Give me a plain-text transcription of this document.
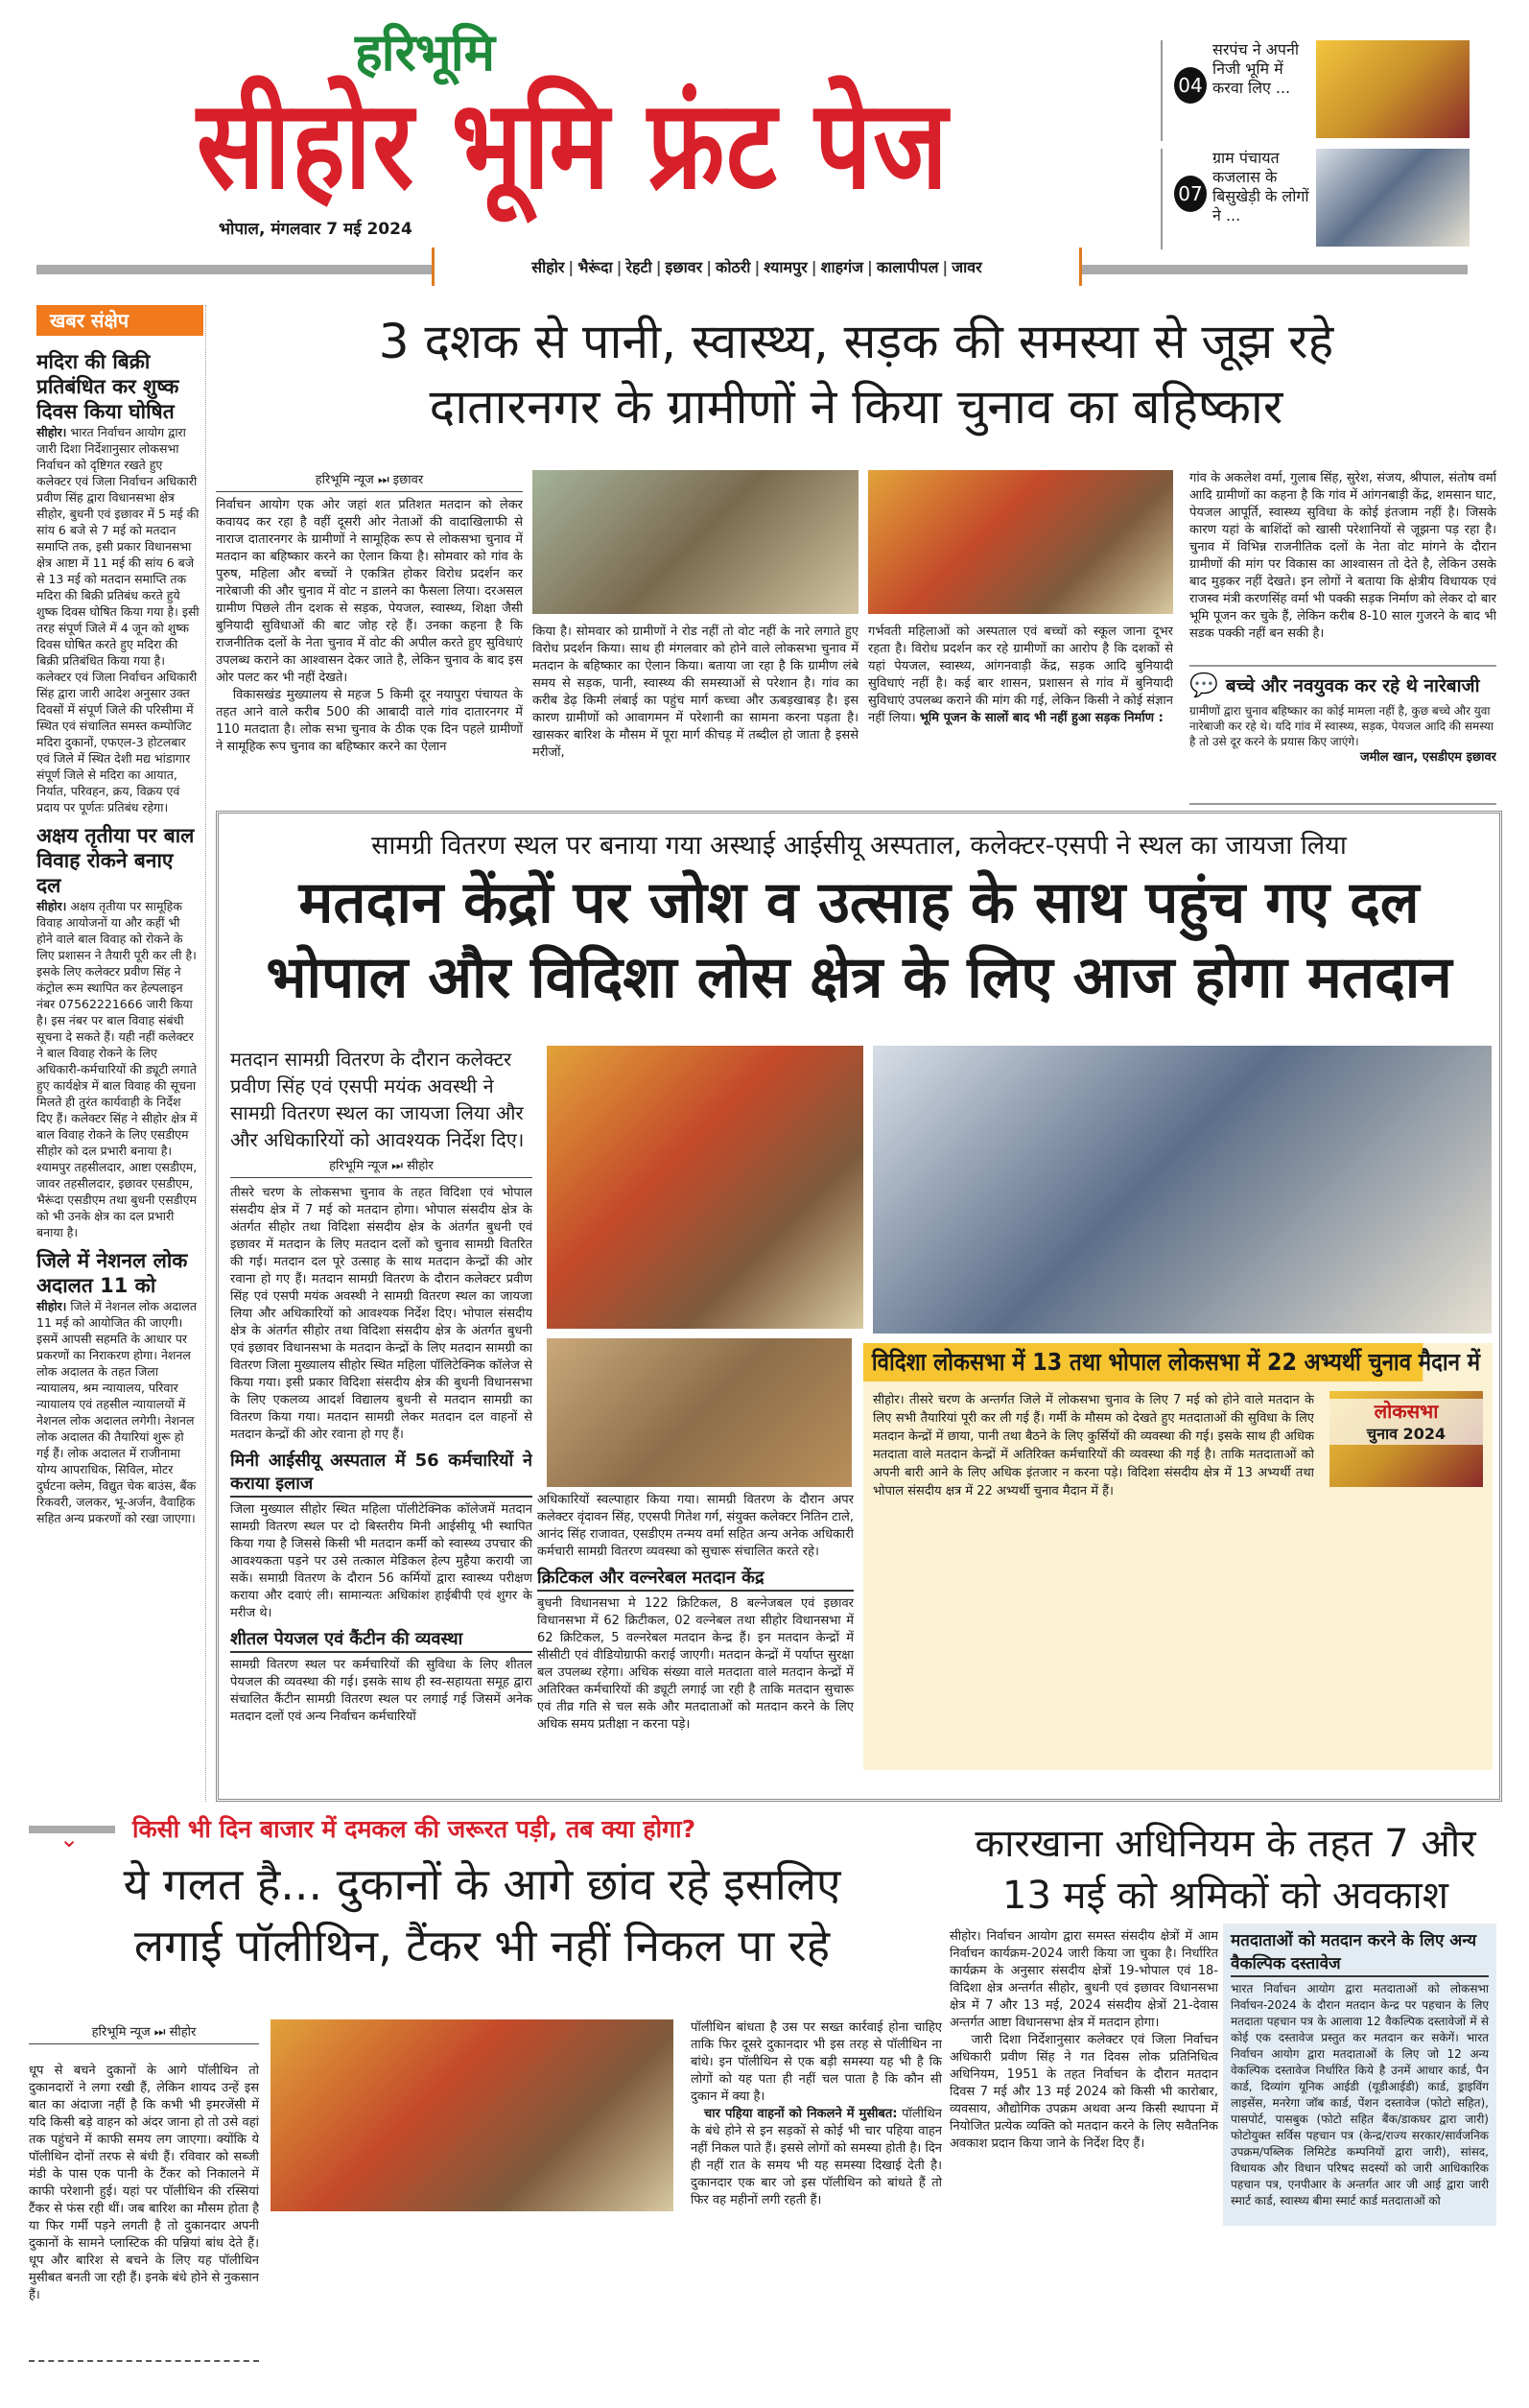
हरिभूमि
सीहोर भूमि फ्रंट पेज
भोपाल, मंगलवार 7 मई 2024
04
सरपंच ने अपनी निजी भूमि में करवा लिए ...
07
ग्राम पंचायत कजलास के बिसुखेड़ी के लोगों ने ...
सीहोर | भैरूंदा | रेहटी | इछावर | कोठरी | श्यामपुर | शाहगंज | कालापीपल | जावर
खबर संक्षेप
मदिरा की बिक्री प्रतिबंधित कर शुष्क दिवस किया घोषित
सीहोर। भारत निर्वाचन आयोग द्वारा जारी दिशा निर्देशानुसार लोकसभा निर्वाचन को दृष्टिगत रखते हुए कलेक्टर एवं जिला निर्वाचन अधिकारी प्रवीण सिंह द्वारा विधानसभा क्षेत्र सीहोर, बुधनी एवं इछावर में 5 मई की सांय 6 बजे से 7 मई को मतदान समाप्ति तक, इसी प्रकार विधानसभा क्षेत्र आष्टा में 11 मई की सांय 6 बजे से 13 मई को मतदान समाप्ति तक मदिरा की बिक्री प्रतिबंध करते हुये शुष्क दिवस घोषित किया गया है। इसी तरह संपूर्ण जिले में 4 जून को शुष्क दिवस घोषित करते हुए मदिरा की बिक्री प्रतिबंधित किया गया है। कलेक्टर एवं जिला निर्वाचन अधिकारी सिंह द्वारा जारी आदेश अनुसार उक्त दिवसों में संपूर्ण जिले की परिसीमा में स्थित एवं संचालित समस्त कम्पोजिट मदिरा दुकानों, एफएल-3 होटलबार एवं जिले में स्थित देशी मद्य भांडागार संपूर्ण जिले से मदिरा का आयात, निर्यात, परिवहन, क्रय, विक्रय एवं प्रदाय पर पूर्णतः प्रतिबंध रहेगा।
अक्षय तृतीया पर बाल विवाह रोकने बनाए दल
सीहोर। अक्षय तृतीया पर सामूहिक विवाह आयोजनों या और कहीं भी होने वाले बाल विवाह को रोकने के लिए प्रशासन ने तैयारी पूरी कर ली है। इसके लिए कलेक्टर प्रवीण सिंह ने कंट्रोल रूम स्थापित कर हेल्पलाइन नंबर 07562221666 जारी किया है। इस नंबर पर बाल विवाह संबंधी सूचना दे सकते हैं। यही नहीं कलेक्टर ने बाल विवाह रोकने के लिए अधिकारी-कर्मचारियों की ड्यूटी लगाते हुए कार्यक्षेत्र में बाल विवाह की सूचना मिलते ही तुरंत कार्यवाही के निर्देश दिए हैं। कलेक्टर सिंह ने सीहोर क्षेत्र में बाल विवाह रोकने के लिए एसडीएम सीहोर को दल प्रभारी बनाया है। श्यामपुर तहसीलदार, आष्टा एसडीएम, जावर तहसीलदार, इछावर एसडीएम, भैरूंदा एसडीएम तथा बुधनी एसडीएम को भी उनके क्षेत्र का दल प्रभारी बनाया है।
जिले में नेशनल लोक अदालत 11 को
सीहोर। जिले में नेशनल लोक अदालत 11 मई को आयोजित की जाएगी। इसमें आपसी सहमति के आधार पर प्रकरणों का निराकरण होगा। नेशनल लोक अदालत के तहत जिला न्यायालय, श्रम न्यायालय, परिवार न्यायालय एवं तहसील न्यायालयों में नेशनल लोक अदालत लगेगी। नेशनल लोक अदालत की तैयारियां शुरू हो गई हैं। लोक अदालत में राजीनामा योग्य आपराधिक, सिविल, मोटर दुर्घटना क्लेम, विद्युत चेक बाउंस, बैंक रिकवरी, जलकर, भू-अर्जन, वैवाहिक सहित अन्य प्रकरणों को रखा जाएगा।
3 दशक से पानी, स्वास्थ्य, सड़क की समस्या से जूझ रहे
दातारनगर के ग्रामीणों ने किया चुनाव का बहिष्कार
हरिभूमि न्यूज ⏭ इछावर
निर्वाचन आयोग एक ओर जहां शत प्रतिशत मतदान को लेकर कवायद कर रहा है वहीं दूसरी ओर नेताओं की वादाखिलाफी से नाराज दातारनगर के ग्रामीणों ने सामूहिक रूप से लोकसभा चुनाव में मतदान का बहिष्कार करने का ऐलान किया है। सोमवार को गांव के पुरुष, महिला और बच्चों ने एकत्रित होकर विरोध प्रदर्शन कर नारेबाजी की और चुनाव में वोट न डालने का फैसला लिया। दरअसल ग्रामीण पिछले तीन दशक से सड़क, पेयजल, स्वास्थ्य, शिक्षा जैसी बुनियादी सुविधाओं की बाट जोह रहे हैं। उनका कहना है कि राजनीतिक दलों के नेता चुनाव में वोट की अपील करते हुए सुविधाएं उपलब्ध कराने का आश्वासन देकर जाते है, लेकिन चुनाव के बाद इस ओर पलट कर भी नहीं देखते।
विकासखंड मुख्यालय से महज 5 किमी दूर नयापुरा पंचायत के तहत आने वाले करीब 500 की आबादी वाले गांव दातारनगर में 110 मतदाता है। लोक सभा चुनाव के ठीक एक दिन पहले ग्रामीणों ने सामूहिक रूप चुनाव का बहिष्कार करने का ऐलान
किया है। सोमवार को ग्रामीणों ने रोड नहीं तो वोट नहीं के नारे लगाते हुए विरोध प्रदर्शन किया। साथ ही मंगलवार को होने वाले लोकसभा चुनाव में मतदान के बहिष्कार का ऐलान किया। बताया जा रहा है कि ग्रामीण लंबे समय से सड़क, पानी, स्वास्थ्य की समस्याओं से परेशान है। गांव का करीब डेढ़ किमी लंबाई का पहुंच मार्ग कच्चा और ऊबड़खाबड़ है। इस कारण ग्रामीणों को आवागमन में परेशानी का सामना करना पड़ता है। खासकर बारिश के मौसम में पूरा मार्ग कीचड़ में तब्दील हो जाता है इससे मरीजों,
गर्भवती महिलाओं को अस्पताल एवं बच्चों को स्कूल जाना दूभर रहता है। विरोध प्रदर्शन कर रहे ग्रामीणों का आरोप है कि दशकों से यहां पेयजल, स्वास्थ्य, आंगनवाड़ी केंद्र, सड़क आदि बुनियादी सुविधाएं नहीं है। कई बार शासन, प्रशासन से गांव में बुनियादी सुविधाएं उपलब्ध कराने की मांग की गई, लेकिन किसी ने कोई संज्ञान नहीं लिया। भूमि पूजन के सालों बाद भी नहीं हुआ सड़क निर्माण :
गांव के अकलेश वर्मा, गुलाब सिंह, सुरेश, संजय, श्रीपाल, संतोष वर्मा आदि ग्रामीणों का कहना है कि गांव में आंगनबाड़ी केंद्र, शमसान घाट, पेयजल आपूर्ति, स्वास्थ्य सुविधा के कोई इंतजाम नहीं है। जिसके कारण यहां के बाशिंदों को खासी परेशानियों से जूझना पड़ रहा है। चुनाव में विभिन्न राजनीतिक दलों के नेता वोट मांगने के दौरान ग्रामीणों की मांग पर विकास का आश्वासन तो देते है, लेकिन उसके बाद मुड़कर नहीं देखते। इन लोगों ने बताया कि क्षेत्रीय विधायक एवं राजस्व मंत्री करणसिंह वर्मा भी पक्की सड़क निर्माण को लेकर दो बार भूमि पूजन कर चुके हैं, लेकिन करीब 8-10 साल गुजरने के बाद भी सडक पक्की नहीं बन सकी है।
💬 बच्चे और नवयुवक कर रहे थे नारेबाजी
ग्रामीणों द्वारा चुनाव बहिष्कार का कोई मामला नहीं है, कुछ बच्चे और युवा नारेबाजी कर रहे थे। यदि गांव में स्वास्थ्य, सड़क, पेयजल आदि की समस्या है तो उसे दूर करने के प्रयास किए जाएंगे।
जमील खान, एसडीएम इछावर
सामग्री वितरण स्थल पर बनाया गया अस्थाई आईसीयू अस्पताल, कलेक्टर-एसपी ने स्थल का जायजा लिया
मतदान केंद्रों पर जोश व उत्साह के साथ पहुंच गए दल
भोपाल और विदिशा लोस क्षेत्र के लिए आज होगा मतदान
मतदान सामग्री वितरण के दौरान कलेक्टर प्रवीण सिंह एवं एसपी मयंक अवस्थी ने सामग्री वितरण स्थल का जायजा लिया और और अधिकारियों को आवश्यक निर्देश दिए।
हरिभूमि न्यूज ⏭ सीहोर
तीसरे चरण के लोकसभा चुनाव के तहत विदिशा एवं भोपाल संसदीय क्षेत्र में 7 मई को मतदान होगा। भोपाल संसदीय क्षेत्र के अंतर्गत सीहोर तथा विदिशा संसदीय क्षेत्र के अंतर्गत बुधनी एवं इछावर में मतदान के लिए मतदान दलों को चुनाव सामग्री वितरित की गई। मतदान दल पूरे उत्साह के साथ मतदान केन्द्रों की ओर रवाना हो गए हैं। मतदान सामग्री वितरण के दौरान कलेक्टर प्रवीण सिंह एवं एसपी मयंक अवस्थी ने सामग्री वितरण स्थल का जायजा लिया और अधिकारियों को आवश्यक निर्देश दिए। भोपाल संसदीय क्षेत्र के अंतर्गत सीहोर तथा विदिशा संसदीय क्षेत्र के अंतर्गत बुधनी एवं इछावर विधानसभा के मतदान केन्द्रों के लिए मतदान सामग्री का वितरण जिला मुख्यालय सीहोर स्थित महिला पॉलिटेक्निक कॉलेज से किया गया। इसी प्रकार विदिशा संसदीय क्षेत्र की बुधनी विधानसभा के लिए एकलव्य आदर्श विद्यालय बुधनी से मतदान सामग्री का वितरण किया गया। मतदान सामग्री लेकर मतदान दल वाहनों से मतदान केन्द्रों की ओर रवाना हो गए हैं।
मिनी आईसीयू अस्पताल में 56 कर्मचारियों ने कराया इलाज
जिला मुख्याल सीहोर स्थित महिला पॉलीटेक्निक कॉलेजमें मतदान सामग्री वितरण स्थल पर दो बिस्तरीय मिनी आईसीयू भी स्थापित किया गया है जिससे किसी भी मतदान कर्मी को स्वास्थ्य उपचार की आवश्यकता पड़ने पर उसे तत्काल मेडिकल हेल्प मुहैया करायी जा सकें। समाग्री वितरण के दौरान 56 कर्मियों द्वारा स्वास्थ्य परीक्षण कराया और दवाएं ली। सामान्यतः अधिकांश हाईबीपी एवं शुगर के मरीज थे।
शीतल पेयजल एवं कैंटीन की व्यवस्था
सामग्री वितरण स्थल पर कर्मचारियों की सुविधा के लिए शीतल पेयजल की व्यवस्था की गई। इसके साथ ही स्व-सहायता समूह द्वारा संचालित कैंटीन सामग्री वितरण स्थल पर लगाई गई जिसमें अनेक मतदान दलों एवं अन्य निर्वाचन कर्मचारियों
अधिकारियों स्वल्पाहार किया गया। सामग्री वितरण के दौरान अपर कलेक्टर वृंदावन सिंह, एएसपी गितेश गर्ग, संयुक्त कलेक्टर नितिन टाले, आनंद सिंह राजावत, एसडीएम तन्मय वर्मा सहित अन्य अनेक अधिकारी कर्मचारी सामग्री वितरण व्यवस्था को सुचारू संचालित करते रहे।
क्रिटिकल और वल्नरेबल मतदान केंद्र
बुधनी विधानसभा मे 122 क्रिटिकल, 8 बल्नेजबल एवं इछावर विधानसभा में 62 क्रिटीकल, 02 वल्नेबल तथा सीहोर विधानसभा में 62 क्रिटिकल, 5 वल्नरेबल मतदान केन्द्र हैं। इन मतदान केन्द्रों में सीसीटी एवं वीडियोग्राफी कराई जाएगी। मतदान केन्द्रों में पर्याप्त सुरक्षा बल उपलब्ध रहेगा। अधिक संख्या वाले मतदाता वाले मतदान केन्द्रों में अतिरिक्त कर्मचारियों की ड्यूटी लगाई जा रही है ताकि मतदान सुचारू एवं तीव्र गति से चल सके और मतदाताओं को मतदान करने के लिए अधिक समय प्रतीक्षा न करना पड़े।
विदिशा लोकसभा में 13 तथा भोपाल लोकसभा में 22 अभ्यर्थी चुनाव मैदान में
लोकसभा
चुनाव 2024
सीहोर। तीसरे चरण के अन्तर्गत जिले में लोकसभा चुनाव के लिए 7 मई को होने वाले मतदान के लिए सभी तैयारियां पूरी कर ली गई हैं। गर्मी के मौसम को देखते हुए मतदाताओं की सुविधा के लिए मतदान केन्द्रों में छाया, पानी तथा बैठने के लिए कुर्सियों की व्यवस्था की गई। इसके साथ ही अधिक मतदाता वाले मतदान केन्द्रों में अतिरिक्त कर्मचारियों की व्यवस्था की गई है। ताकि मतदाताओं को अपनी बारी आने के लिए अधिक इंतजार न करना पड़े। विदिशा संसदीय क्षेत्र में 13 अभ्यर्थी तथा भोपाल संसदीय क्षत्र में 22 अभ्यर्थी चुनाव मैदान में हैं।
⌄ किसी भी दिन बाजार में दमकल की जरूरत पड़ी, तब क्या होगा?
ये गलत है... दुकानों के आगे छांव रहे इसलिए
लगाई पॉलीथिन, टैंकर भी नहीं निकल पा रहे
हरिभूमि न्यूज ⏭ सीहोर
धूप से बचने दुकानों के आगे पॉलीथिन तो दुकानदारों ने लगा रखी हैं, लेकिन शायद उन्हें इस बात का अंदाजा नहीं है कि कभी भी इमरजेंसी में यदि किसी बड़े वाहन को अंदर जाना हो तो उसे वहां तक पहुंचने में काफी समय लग जाएगा। क्योंकि ये पॉलीथिन दोनों तरफ से बंधी हैं। रविवार को सब्जी मंडी के पास एक पानी के टैंकर को निकालने में काफी परेशानी हुई। यहां पर पॉलीथिन की रस्सियां टैंकर से फंस रही थीं। जब बारिश का मौसम होता है या फिर गर्मी पड़ने लगती है तो दुकानदार अपनी दुकानों के सामने प्लास्टिक की पन्नियां बांध देते हैं। धूप और बारिश से बचने के लिए यह पॉलीथिन मुसीबत बनती जा रही हैं। इनके बंधे होने से नुकसान हैं।
पॉलीथिन बांधता है उस पर सख्त कार्रवाई होना चाहिए ताकि फिर दूसरे दुकानदार भी इस तरह से पॉलीथिन ना बांधे। इन पॉलीथिन से एक बड़ी समस्या यह भी है कि लोगों को यह पता ही नहीं चल पाता है कि कौन सी दुकान में क्या है।
चार पहिया वाहनों को निकलने में मुसीबत: पॉलीथिन के बंधे होने से इन सड़कों से कोई भी चार पहिया वाहन नहीं निकल पाते हैं। इससे लोगों को समस्या होती है। दिन ही नहीं रात के समय भी यह समस्या दिखाई देती है। दुकानदार एक बार जो इस पॉलीथिन को बांधते हैं तो फिर वह महीनों लगी रहती हैं।
कारखाना अधिनियम के तहत 7 और
13 मई को श्रमिकों को अवकाश
सीहोर। निर्वाचन आयोग द्वारा समस्त संसदीय क्षेत्रों में आम निर्वाचन कार्यक्रम-2024 जारी किया जा चुका है। निर्धारित कार्यक्रम के अनुसार संसदीय क्षेत्रों 19-भोपाल एवं 18-विदिशा क्षेत्र अन्तर्गत सीहोर, बुधनी एवं इछावर विधानसभा क्षेत्र में 7 और 13 मई, 2024 संसदीय क्षेत्रों 21-देवास अन्तर्गत आष्टा विधानसभा क्षेत्र में मतदान होगा।
जारी दिशा निर्देशानुसार कलेक्टर एवं जिला निर्वाचन अधिकारी प्रवीण सिंह ने गत दिवस लोक प्रतिनिधित्व अधिनियम, 1951 के तहत निर्वाचन के दौरान मतदान दिवस 7 मई और 13 मई 2024 को किसी भी कारोबार, व्यवसाय, औद्योगिक उपक्रम अथवा अन्य किसी स्थापना में नियोजित प्रत्येक व्यक्ति को मतदान करने के लिए सवैतनिक अवकाश प्रदान किया जाने के निर्देश दिए हैं।
मतदाताओं को मतदान करने के लिए अन्य वैकल्पिक दस्तावेज
भारत निर्वाचन आयोग द्वारा मतदाताओं को लोकसभा निर्वाचन-2024 के दौरान मतदान केन्द्र पर पहचान के लिए मतदाता पहचान पत्र के आलावा 12 वैकल्पिक दस्तावेजों में से कोई एक दस्तावेज प्रस्तुत कर मतदान कर सकेगें। भारत निर्वाचन आयोग द्वारा मतदाताओं के लिए जो 12 अन्य वेकल्पिक दस्तावेज निर्धारित किये है उनमें आधार कार्ड, पैन कार्ड, दिव्यांग यूनिक आईडी (यूडीआईडी) कार्ड, ड्राइविंग लाइसेंस, मनरेगा जॉब कार्ड, पेंशन दस्तावेज (फोटो सहित), पासपोर्ट, पासबुक (फोटो सहित बैंक/डाकघर द्वारा जारी) फोटोयुक्त सर्विस पहचान पत्र (केन्द्र/राज्य सरकार/सार्वजनिक उपक्रम/पब्लिक लिमिटेड कम्पनियों द्वारा जारी), सांसद, विधायक और विधान परिषद सदस्यों को जारी आधिकारिक पहचान पत्र, एनपीआर के अन्तर्गत आर जी आई द्वारा जारी स्मार्ट कार्ड, स्वास्थ्य बीमा स्मार्ट कार्ड मतदाताओं को
